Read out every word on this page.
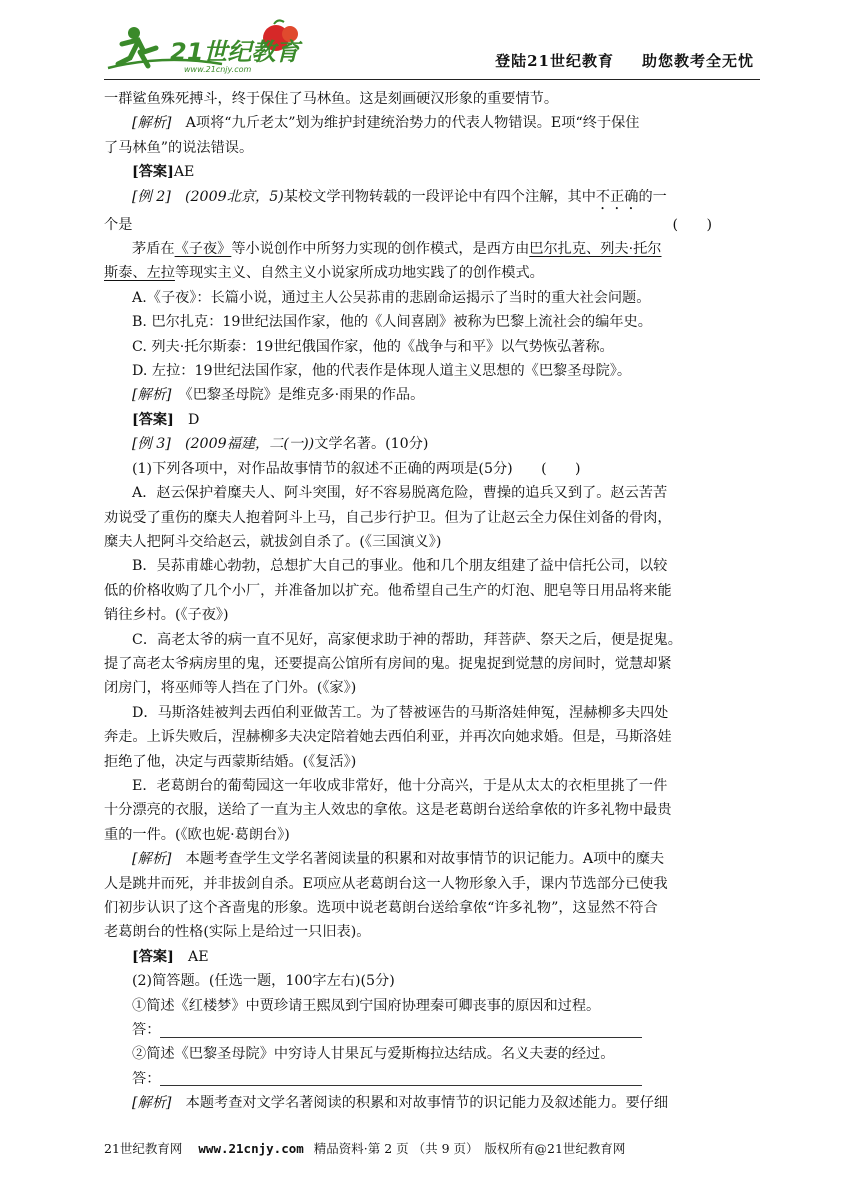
21世纪教育
www.21cnjy.com	登陆21世纪教育 助您教考全无忧

一群鲨鱼殊死搏斗，终于保住了马林鱼。这是刻画硬汉形象的重要情节。

[解析]　 A项将“九斤老太”划为维护封建统治势力的代表人物错误。E项“终于保住

了马林鱼”的说法错误。

[答案]AE

[例 2]　 (2009北京，5)某校文学刊物转载的一段评论中有四个注解，其中不正确的一

个是	(　　)

茅盾在《子夜》等小说创作中所努力实现的创作模式，是西方由巴尔扎克、列夫·托尔

斯泰、左拉等现实主义、自然主义小说家所成功地实践了的创作模式。

A.《子夜》：长篇小说，通过主人公吴荪甫的悲剧命运揭示了当时的重大社会问题。

B. 巴尔扎克：19世纪法国作家，他的《人间喜剧》被称为巴黎上流社会的编年史。

C. 列夫·托尔斯泰：19世纪俄国作家，他的《战争与和平》以气势恢弘著称。

D. 左拉：19世纪法国作家，他的代表作是体现人道主义思想的《巴黎圣母院》。

[解析]　 《巴黎圣母院》是维克多·雨果的作品。

[答案]　 D

[例 3]　 (2009福建，二(一))文学名著。(10分)

(1)下列各项中，对作品故事情节的叙述不正确的两项是(5分)　　 (　　)

A．赵云保护着糜夫人、阿斗突围，好不容易脱离危险，曹操的追兵又到了。赵云苦苦

劝说受了重伤的糜夫人抱着阿斗上马，自己步行护卫。但为了让赵云全力保住刘备的骨肉，

糜夫人把阿斗交给赵云，就拔剑自杀了。(《三国演义》)

B．吴荪甫雄心勃勃，总想扩大自己的事业。他和几个朋友组建了益中信托公司，以较

低的价格收购了几个小厂，并准备加以扩充。他希望自己生产的灯泡、肥皂等日用品将来能

销往乡村。(《子夜》)

C．高老太爷的病一直不见好，高家便求助于神的帮助，拜菩萨、祭天之后，便是捉鬼。

提了高老太爷病房里的鬼，还要提高公馆所有房间的鬼。捉鬼捉到觉慧的房间时，觉慧却紧

闭房门，将巫师等人挡在了门外。(《家》)

D．马斯洛娃被判去西伯利亚做苦工。为了替被诬告的马斯洛娃伸冤，涅赫柳多夫四处

奔走。上诉失败后，涅赫柳多夫决定陪着她去西伯利亚，并再次向她求婚。但是，马斯洛娃

拒绝了他，决定与西蒙斯结婚。(《复活》)

E．老葛朗台的葡萄园这一年收成非常好，他十分高兴，于是从太太的衣柜里挑了一件

十分漂亮的衣服，送给了一直为主人效忠的拿侬。这是老葛朗台送给拿侬的许多礼物中最贵

重的一件。(《欧也妮·葛朗台》)

[解析]　 本题考查学生文学名著阅读量的积累和对故事情节的识记能力。A项中的糜夫

人是跳井而死，并非拔剑自杀。E项应从老葛朗台这一人物形象入手，课内节选部分已使我

们初步认识了这个吝啬鬼的形象。选项中说老葛朗台送给拿侬“许多礼物”，这显然不符合

老葛朗台的性格(实际上是给过一只旧表)。

[答案]　 AE

(2)简答题。(任选一题，100字左右)(5分)

①简述《红楼梦》中贾珍请王熙凤到宁国府协理秦可卿丧事的原因和过程。

答：

②简述《巴黎圣母院》中穷诗人甘果瓦与爱斯梅拉达结成。名义夫妻的经过。

答：

[解析]　 本题考查对文学名著阅读的积累和对故事情节的识记能力及叙述能力。要仔细

21世纪教育网 www.21cnjy.com 精品资料·第 2 页 （共 9 页） 版权所有@21世纪教育网
